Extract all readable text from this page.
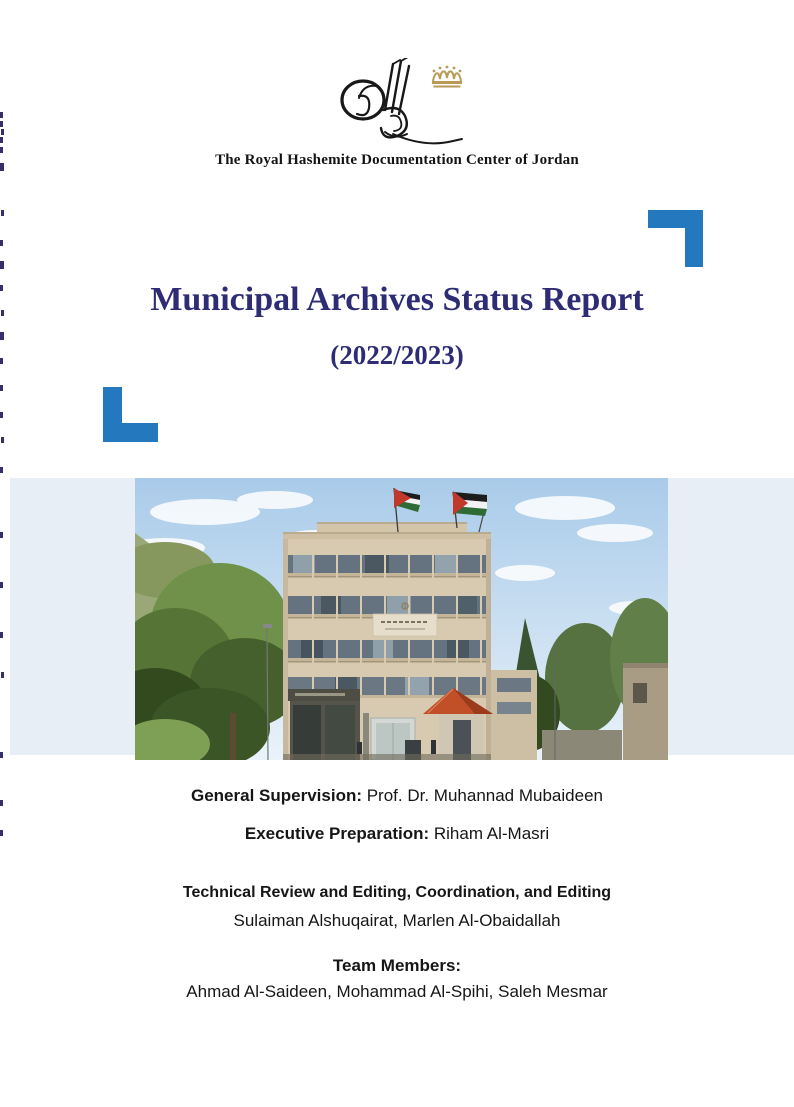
The Royal Hashemite Documentation Center of Jordan
Municipal Archives Status Report
(2022/2023)
General Supervision: Prof. Dr. Muhannad Mubaideen
Executive Preparation: Riham Al-Masri
Technical Review and Editing, Coordination, and Editing
Sulaiman Alshuqairat, Marlen Al-Obaidallah
Team Members:
Ahmad Al-Saideen, Mohammad Al-Spihi, Saleh Mesmar
